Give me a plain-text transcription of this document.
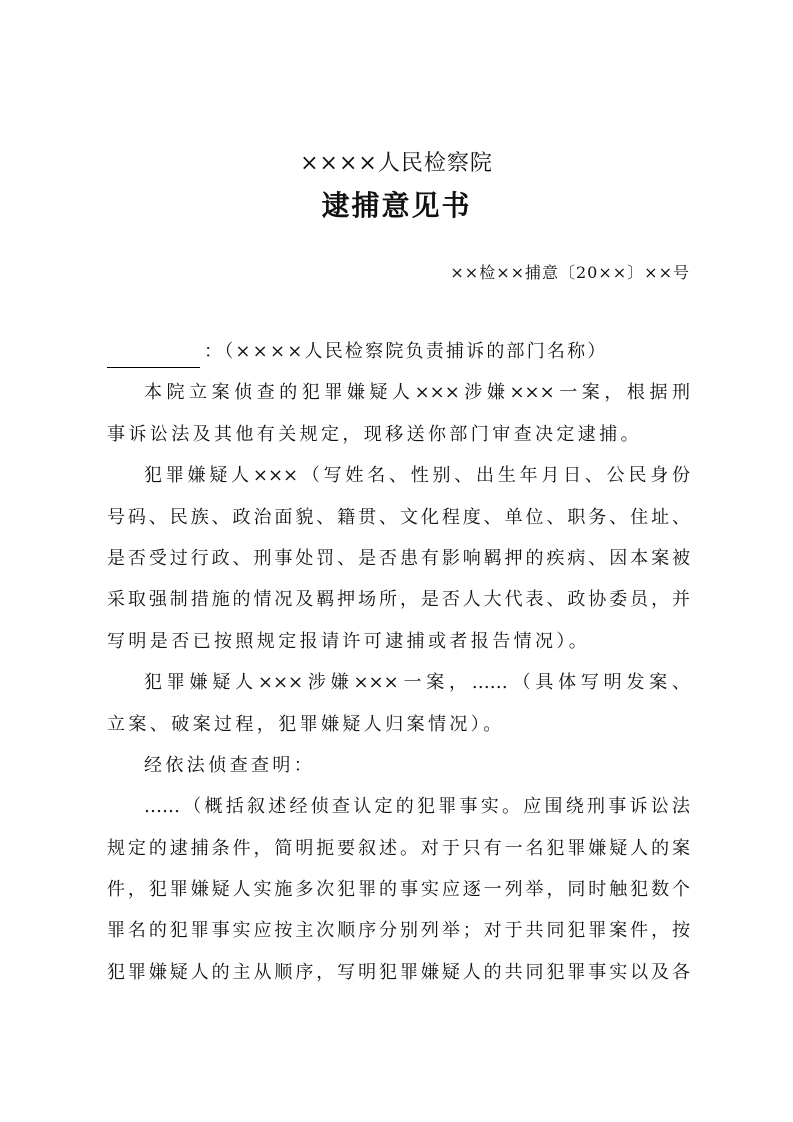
××××人民检察院
逮捕意见书
××检××捕意〔20××〕××号
：（××××人民检察院负责捕诉的部门名称）
本院立案侦查的犯罪嫌疑人×××涉嫌×××一案，根据刑
事诉讼法及其他有关规定，现移送你部门审查决定逮捕。
犯罪嫌疑人×××（写姓名、性别、出生年月日、公民身份
号码、民族、政治面貌、籍贯、文化程度、单位、职务、住址、
是否受过行政、刑事处罚、是否患有影响羁押的疾病、因本案被
采取强制措施的情况及羁押场所，是否人大代表、政协委员，并
写明是否已按照规定报请许可逮捕或者报告情况）。
犯罪嫌疑人×××涉嫌×××一案，……（具体写明发案、
立案、破案过程，犯罪嫌疑人归案情况）。
经依法侦查查明：
……（概括叙述经侦查认定的犯罪事实。应围绕刑事诉讼法
规定的逮捕条件，简明扼要叙述。对于只有一名犯罪嫌疑人的案
件，犯罪嫌疑人实施多次犯罪的事实应逐一列举，同时触犯数个
罪名的犯罪事实应按主次顺序分别列举；对于共同犯罪案件，按
犯罪嫌疑人的主从顺序，写明犯罪嫌疑人的共同犯罪事实以及各
